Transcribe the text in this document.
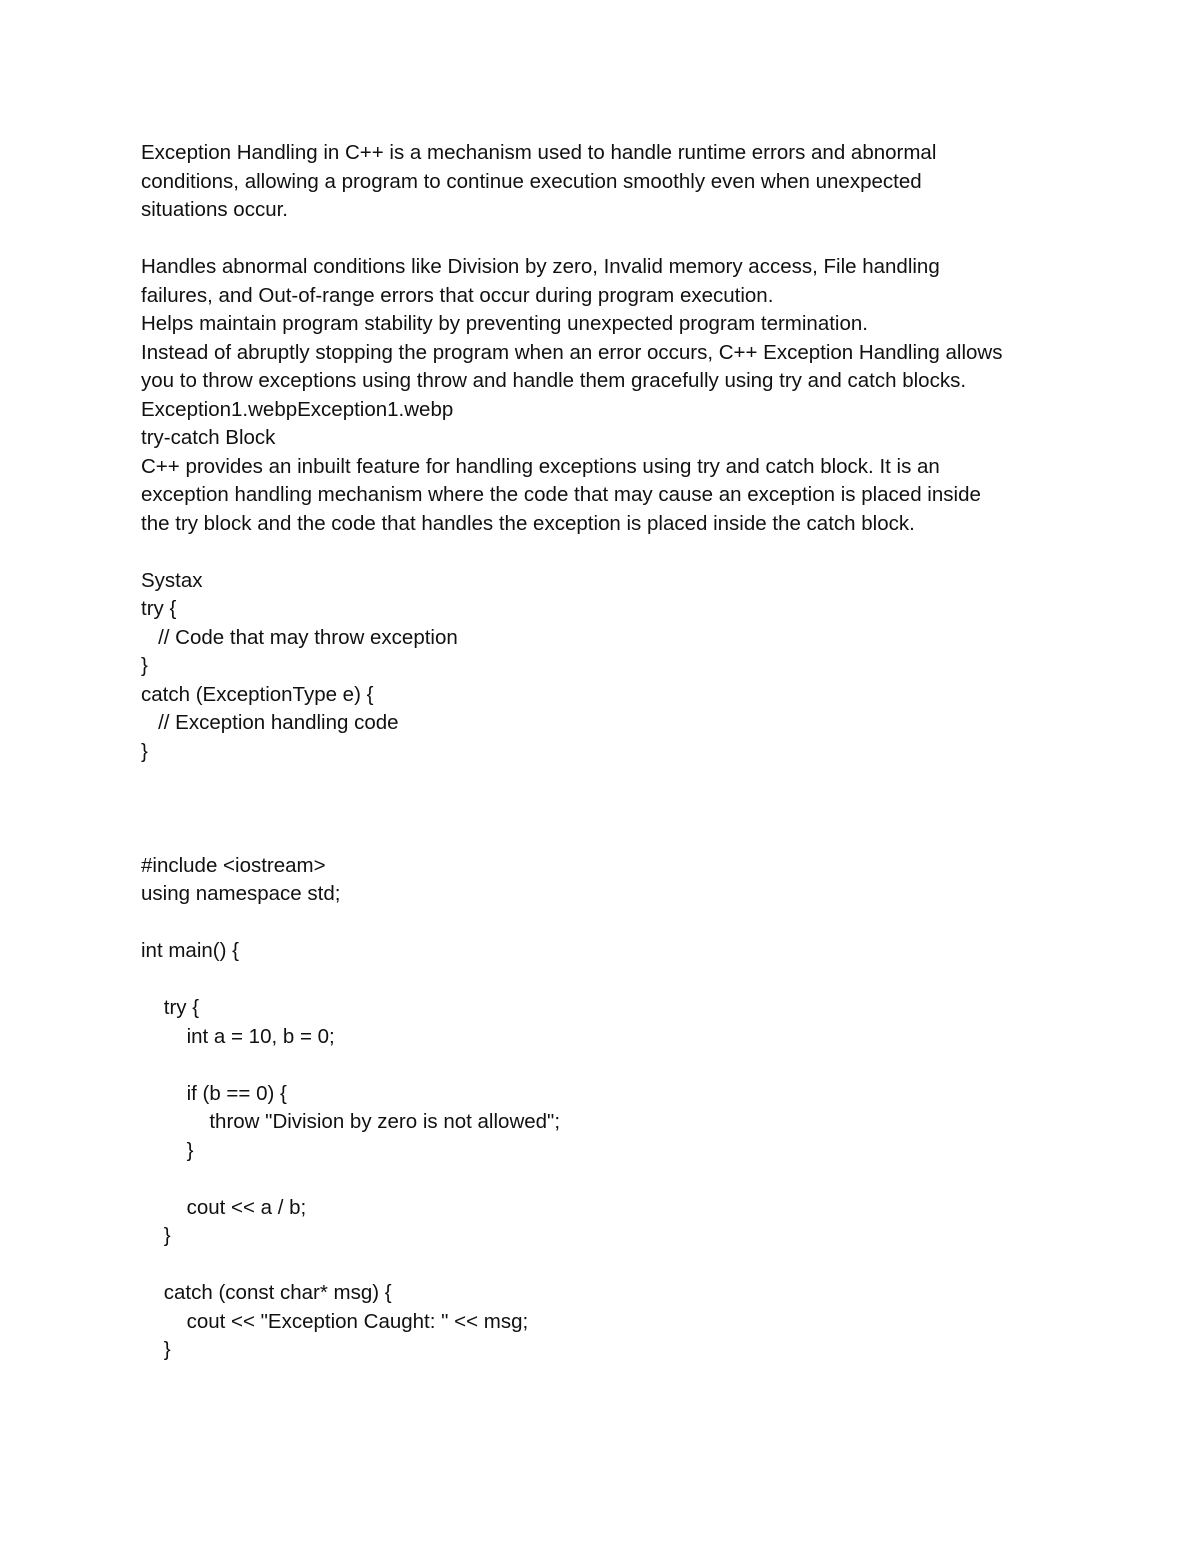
Exception Handling in C++ is a mechanism used to handle runtime errors and abnormal
conditions, allowing a program to continue execution smoothly even when unexpected
situations occur.
Handles abnormal conditions like Division by zero, Invalid memory access, File handling
failures, and Out-of-range errors that occur during program execution.
Helps maintain program stability by preventing unexpected program termination.
Instead of abruptly stopping the program when an error occurs, C++ Exception Handling allows
you to throw exceptions using throw and handle them gracefully using try and catch blocks.
Exception1.webpException1.webp
try-catch Block
C++ provides an inbuilt feature for handling exceptions using try and catch block. It is an
exception handling mechanism where the code that may cause an exception is placed inside
the try block and the code that handles the exception is placed inside the catch block.
Systax
try {
// Code that may throw exception
}
catch (ExceptionType e) {
// Exception handling code
}
#include <iostream>
using namespace std;
int main() {
try {
int a = 10, b = 0;
if (b == 0) {
throw "Division by zero is not allowed";
}
cout << a / b;
}
catch (const char* msg) {
cout << "Exception Caught: " << msg;
}
